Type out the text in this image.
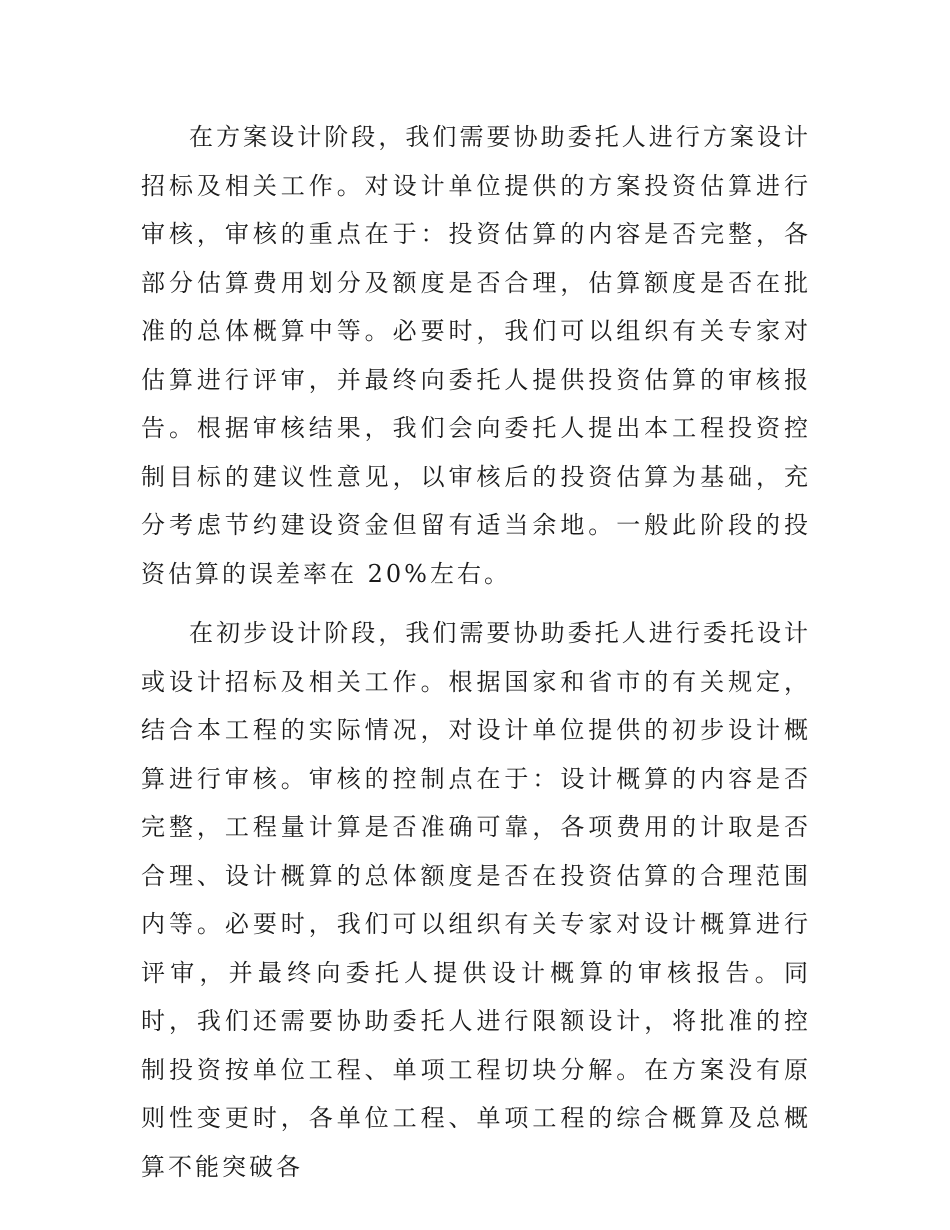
在方案设计阶段，我们需要协助委托人进行方案设计招标及相关工作。对设计单位提供的方案投资估算进行审核，审核的重点在于：投资估算的内容是否完整，各部分估算费用划分及额度是否合理，估算额度是否在批准的总体概算中等。必要时，我们可以组织有关专家对估算进行评审，并最终向委托人提供投资估算的审核报告。根据审核结果，我们会向委托人提出本工程投资控制目标的建议性意见，以审核后的投资估算为基础，充分考虑节约建设资金但留有适当余地。一般此阶段的投资估算的误差率在 20%左右。

在初步设计阶段，我们需要协助委托人进行委托设计或设计招标及相关工作。根据国家和省市的有关规定，结合本工程的实际情况，对设计单位提供的初步设计概算进行审核。审核的控制点在于：设计概算的内容是否完整，工程量计算是否准确可靠，各项费用的计取是否合理、设计概算的总体额度是否在投资估算的合理范围内等。必要时，我们可以组织有关专家对设计概算进行评审，并最终向委托人提供设计概算的审核报告。同时，我们还需要协助委托人进行限额设计，将批准的控制投资按单位工程、单项工程切块分解。在方案没有原则性变更时，各单位工程、单项工程的综合概算及总概算不能突破各
